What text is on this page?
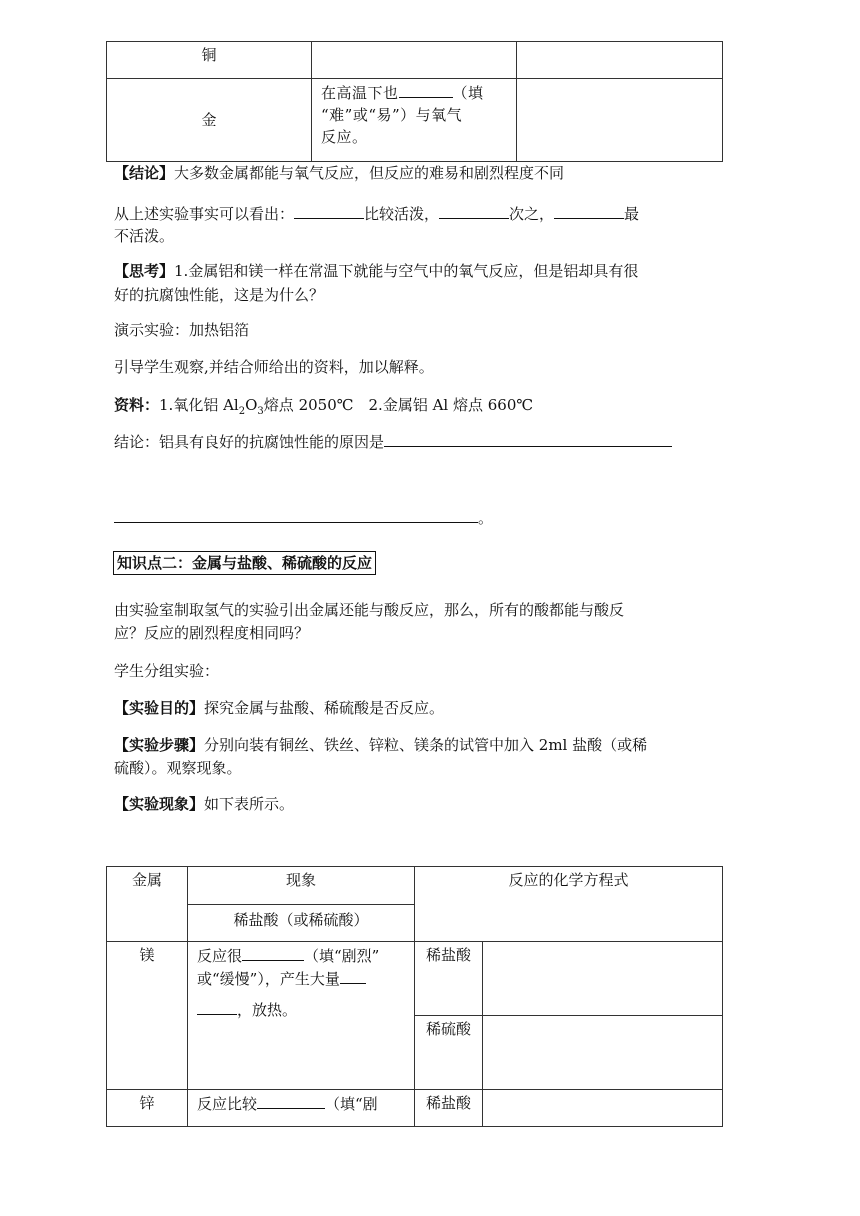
铜		
金	在高温下也 （填
“难”或“易”）与氧气
反应。	

【结论】大多数金属都能与氧气反应，但反应的难易和剧烈程度不同
从上述实验事实可以看出：	比较活泼，	次之，	最
不活泼。
【思考】1.金属铝和镁一样在常温下就能与空气中的氧气反应，但是铝却具有很
好的抗腐蚀性能，这是为什么？
演示实验：加热铝箔
引导学生观察,并结合师给出的资料，加以解释。
资料：1.氧化铝 $Al_2O_3$熔点 2050℃　2.金属铝 Al 熔点 660℃
结论：铝具有良好的抗腐蚀性能的原因是
。
知识点二：金属与盐酸、稀硫酸的反应
由实验室制取氢气的实验引出金属还能与酸反应，那么，所有的酸都能与酸反
应？反应的剧烈程度相同吗？
学生分组实验：
【实验目的】探究金属与盐酸、稀硫酸是否反应。
【实验步骤】分别向装有铜丝、铁丝、锌粒、镁条的试管中加入 2ml 盐酸（或稀
硫酸）。观察现象。
【实验现象】如下表所示。
金属	现象	反应的化学方程式	
	稀盐酸（或稀硫酸）		
镁	反应很 （填“剧烈”
或“缓慢”），产生大量
，放热。	稀盐酸	
		稀硫酸	
锌	反应比较 （填“剧	稀盐酸	
